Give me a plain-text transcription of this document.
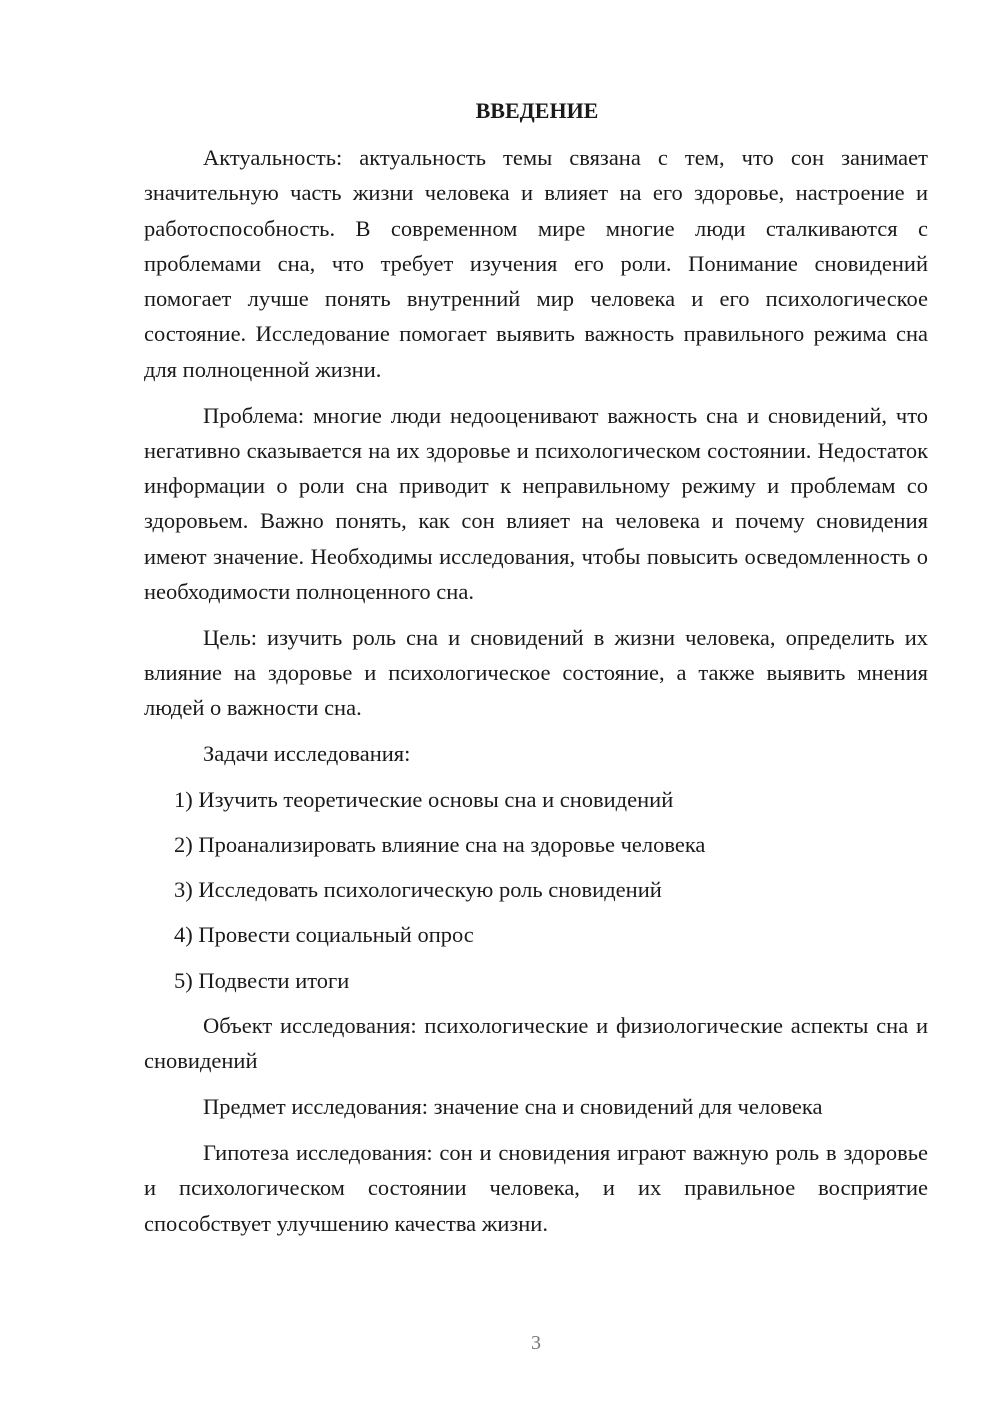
ВВЕДЕНИЕ

Актуальность: актуальность темы связана с тем, что сон занимает значительную часть жизни человека и влияет на его здоровье, настроение и работоспособность. В современном мире многие люди сталкиваются с проблемами сна, что требует изучения его роли. Понимание сновидений помогает лучше понять внутренний мир человека и его психологическое состояние. Исследование помогает выявить важность правильного режима сна для полноценной жизни.

Проблема: многие люди недооценивают важность сна и сновидений, что негативно сказывается на их здоровье и психологическом состоянии. Недостаток информации о роли сна приводит к неправильному режиму и проблемам со здоровьем. Важно понять, как сон влияет на человека и почему сновидения имеют значение. Необходимы исследования, чтобы повысить осведомленность о необходимости полноценного сна.

Цель: изучить роль сна и сновидений в жизни человека, определить их влияние на здоровье и психологическое состояние, а также выявить мнения людей о важности сна.

Задачи исследования:
1) Изучить теоретические основы сна и сновидений
2) Проанализировать влияние сна на здоровье человека
3) Исследовать психологическую роль сновидений
4) Провести социальный опрос
5) Подвести итоги

Объект исследования: психологические и физиологические аспекты сна и сновидений

Предмет исследования: значение сна и сновидений для человека

Гипотеза исследования: сон и сновидения играют важную роль в здоровье и психологическом состоянии человека, и их правильное восприятие способствует улучшению качества жизни.

3
